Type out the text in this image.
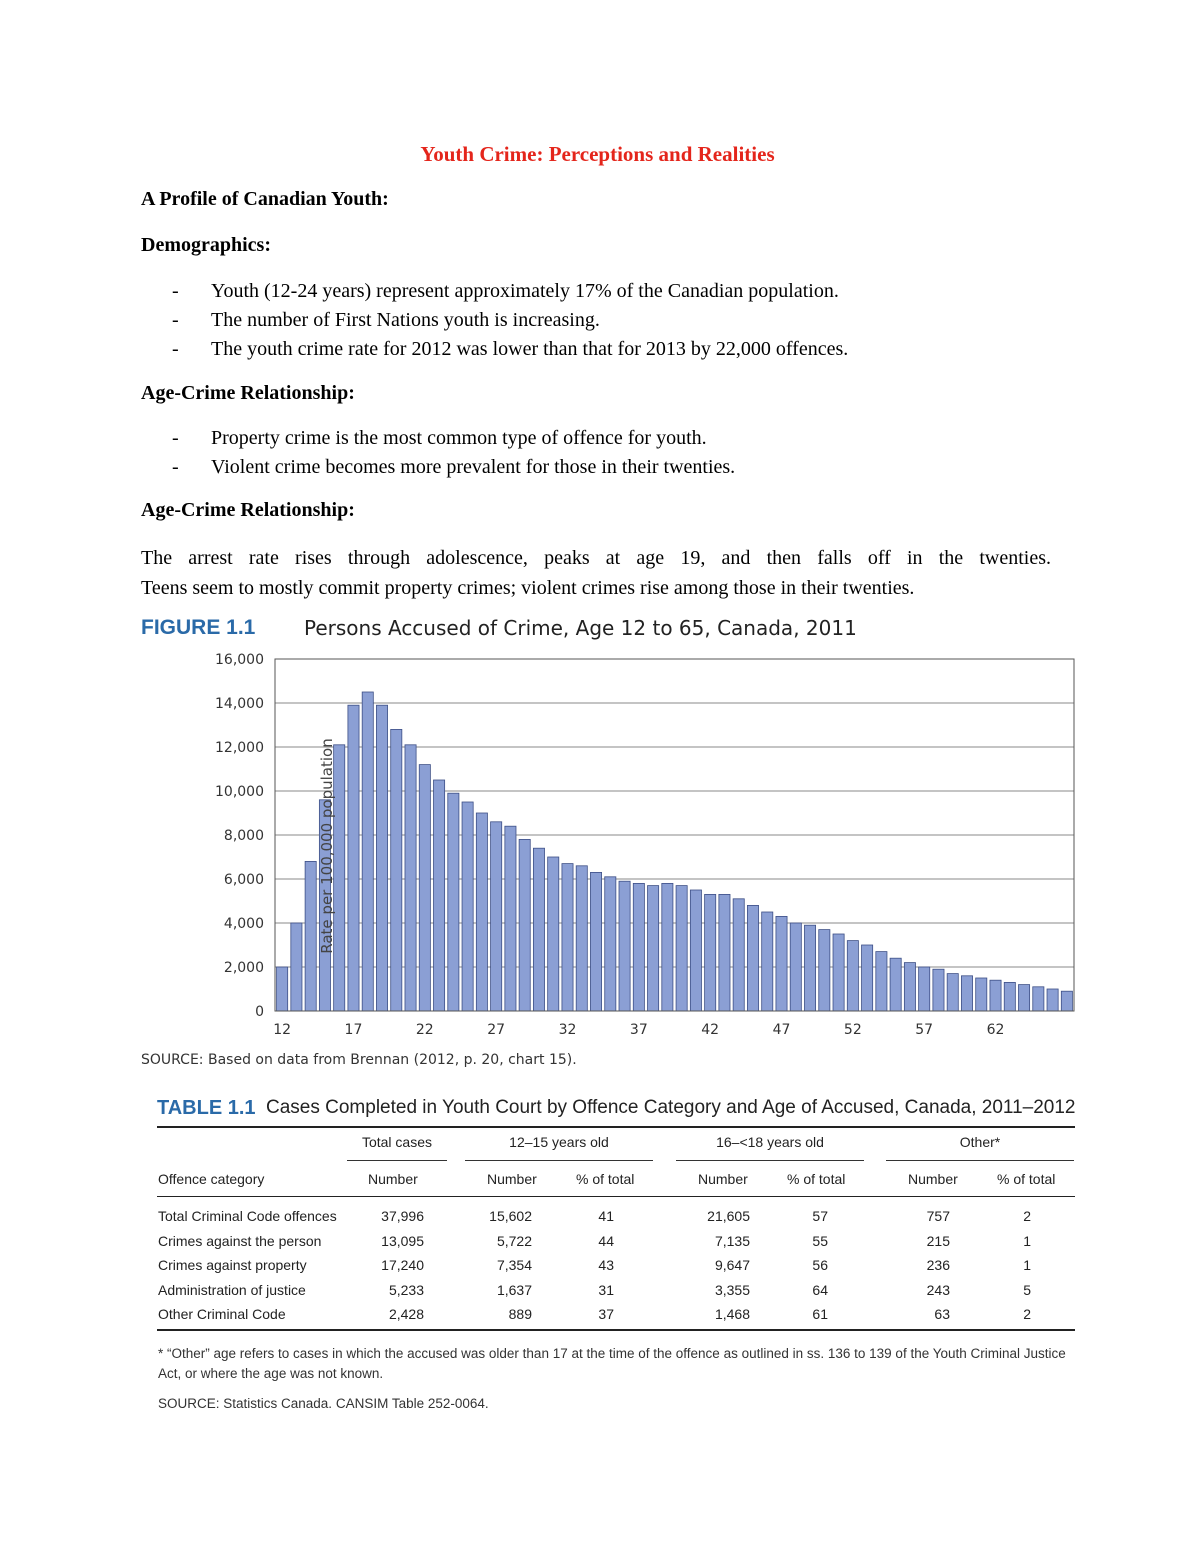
Youth Crime: Perceptions and Realities
A Profile of Canadian Youth:
Demographics:
- Youth (12-24 years) represent approximately 17% of the Canadian population.
- The number of First Nations youth is increasing.
- The youth crime rate for 2012 was lower than that for 2013 by 22,000 offences.
Age-Crime Relationship:
- Property crime is the most common type of offence for youth.
- Violent crime becomes more prevalent for those in their twenties.
Age-Crime Relationship:
The arrest rate rises through adolescence, peaks at age 19, and then falls off in the twenties.
Teens seem to mostly commit property crimes; violent crimes rise among those in their twenties.
FIGURE 1.1 Persons Accused of Crime, Age 12 to 65, Canada, 2011
0
2,000
4,000
6,000
8,000
10,000
12,000
14,000
16,000
12	17	22	27	32	37	42	47	52	57	62
Rate per 100,000 population
SOURCE: Based on data from Brennan (2012, p. 20, chart 15).
TABLE 1.1 Cases Completed in Youth Court by Offence Category and Age of Accused, Canada, 2011–2012
Total cases	12–15 years old	16–<18 years old	Other*
Offence category	Number	Number	% of total	Number	% of total	Number	% of total
Total Criminal Code offences	37,996	15,602	41	21,605	57	757	2
Crimes against the person	13,095	5,722	44	7,135	55	215	1
Crimes against property	17,240	7,354	43	9,647	56	236	1
Administration of justice	5,233	1,637	31	3,355	64	243	5
Other Criminal Code	2,428	889	37	1,468	61	63	2
* “Other” age refers to cases in which the accused was older than 17 at the time of the offence as outlined in ss. 136 to 139 of the Youth Criminal Justice Act, or where the age was not known.
SOURCE: Statistics Canada. CANSIM Table 252-0064.
